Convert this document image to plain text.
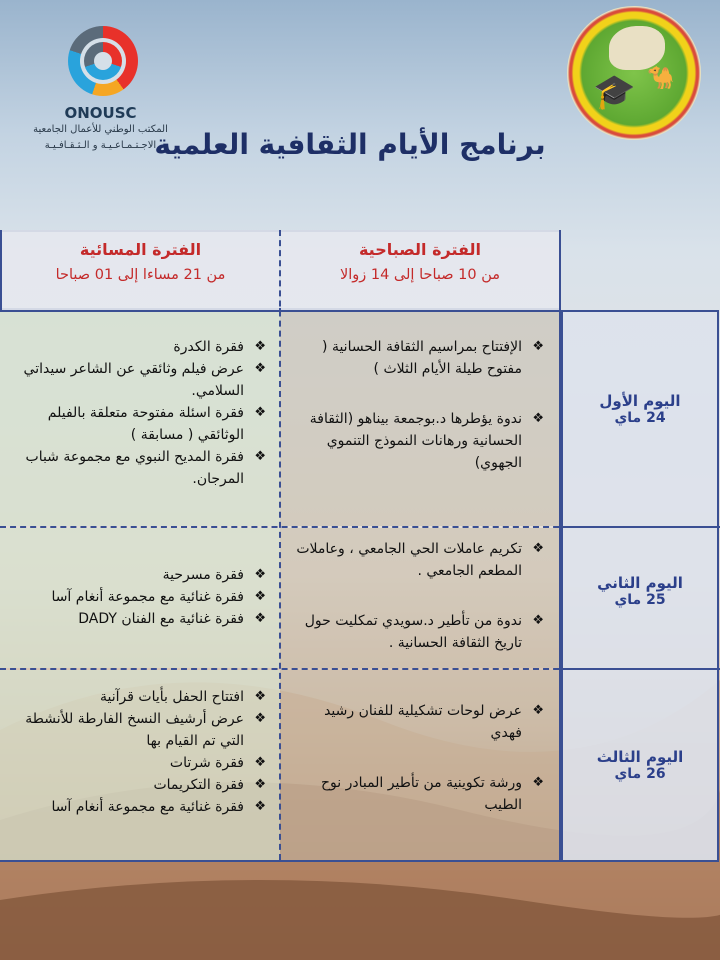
ONOUSC
المكتب الوطني للأعمال الجامعية
الاجـتـمـاعـيـة و الـثـقـافـيـة
🎓 🐪
برنامج الأيام الثقافية العلمية
الفترة الصباحية
من 10 صباحا إلى 14 زوالا
الفترة المسائية
من 21 مساءا إلى 01 صباحا

❖ الإفتتاح بمراسيم الثقافة الحسانية ( مفتوح طيلة الأيام الثلاث )

❖ ندوة يؤطرها د.بوجمعة بيناهو (الثقافة الحسانية ورهانات النموذج التنموي الجهوي)

❖ فقرة الكدرة

❖ عرض فيلم وثائقي عن الشاعر سيداتي السلامي.

❖ فقرة اسئلة مفتوحة متعلقة بالفيلم الوثائقي ( مسابقة )

❖ فقرة المديح النبوي مع مجموعة شباب المرجان.

اليوم الأول
24 ماي

❖ تكريم عاملات الحي الجامعي ، وعاملات المطعم الجامعي .

❖ ندوة من تأطير د.سويدي تمكليت حول تاريخ الثقافة الحسانية .

❖ فقرة مسرحية

❖ فقرة غنائية مع مجموعة أنغام آسا

❖ فقرة غنائية مع الفنان DADY

اليوم الثاني
25 ماي

❖ عرض لوحات تشكيلية للفنان رشيد فهدي

❖ ورشة تكوينية من تأطير المبادر نوح الطيب

❖ افتتاح الحفل بأيات قرآنية

❖ عرض أرشيف النسخ الفارطة للأنشطة التي تم القيام بها

❖ فقرة شرتات

❖ فقرة التكريمات

❖ فقرة غنائية مع مجموعة أنغام آسا

اليوم الثالث
26 ماي
